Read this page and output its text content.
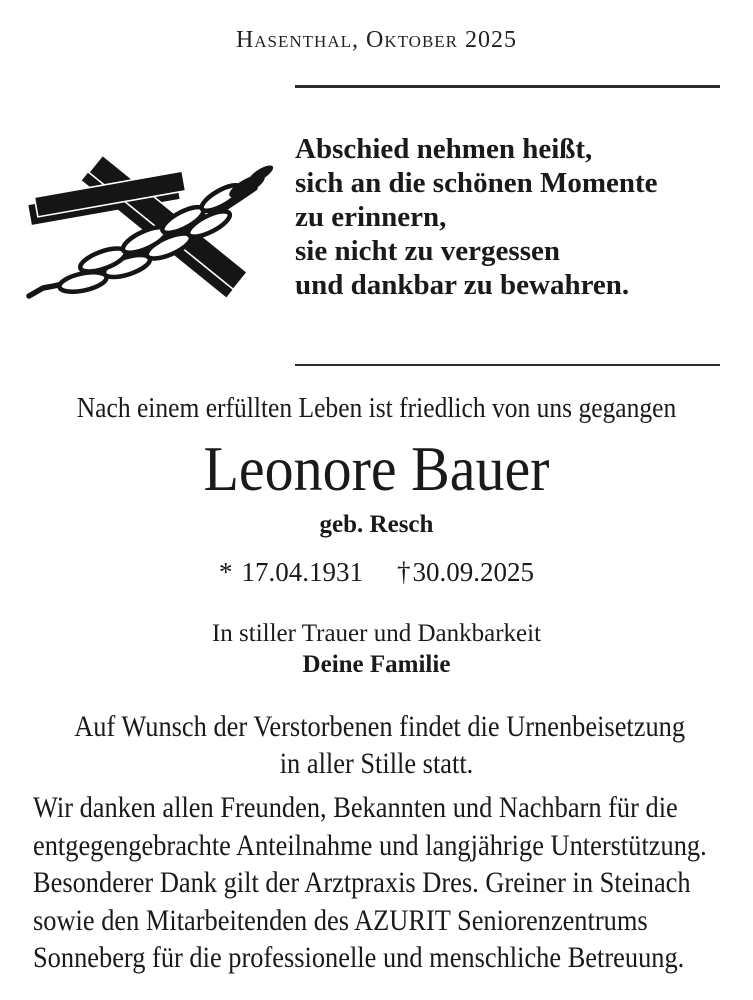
Hasenthal, Oktober 2025
Abschied nehmen heißt,
sich an die schönen Momente
zu erinnern,
sie nicht zu vergessen
und dankbar zu bewahren.
Nach einem erfüllten Leben ist friedlich von uns gegangen
Leonore Bauer
geb. Resch
* 17.04.1931 †30.09.2025
In stiller Trauer und Dankbarkeit
Deine Familie
Auf Wunsch der Verstorbenen findet die Urnenbeisetzung
in aller Stille statt.
Wir danken allen Freunden, Bekannten und Nachbarn für die
entgegengebrachte Anteilnahme und langjährige Unterstützung.
Besonderer Dank gilt der Arztpraxis Dres. Greiner in Steinach
sowie den Mitarbeitenden des AZURIT Seniorenzentrums
Sonneberg für die professionelle und menschliche Betreuung.
